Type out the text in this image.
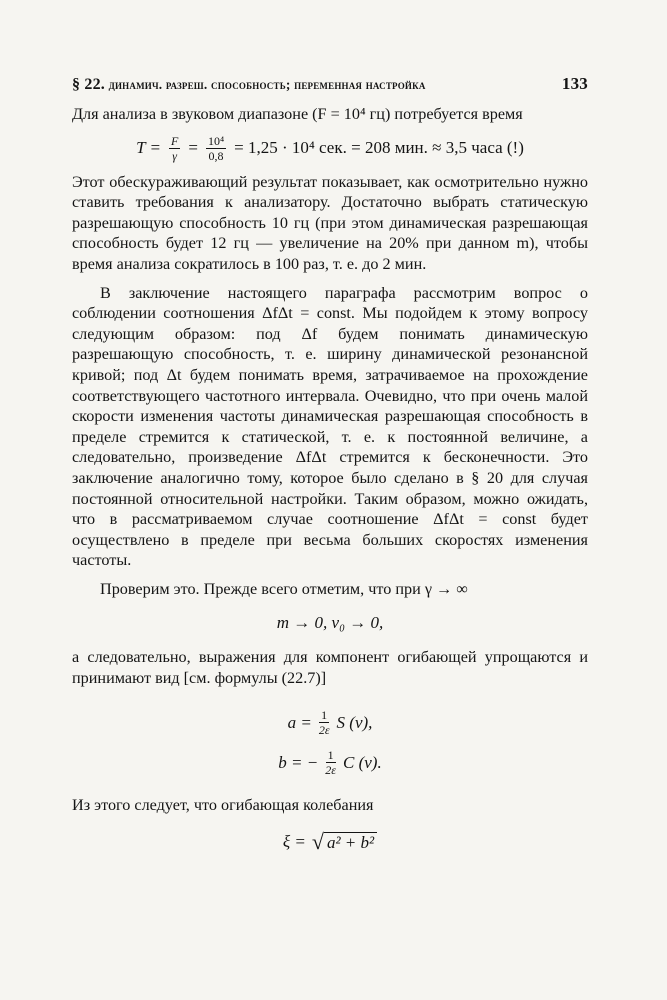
§ 22. динамич. разреш. способность; переменная настройка	133

Для анализа в звуковом диапазоне (F = 10⁴ гц) потребуется время

$T = \frac{F}{\gamma} = \frac{\text{10⁴}}{0,8} = 1,25 \cdot 10^4$ сек. = 208 мин. ≈ 3,5 часа (!)

Этот обескураживающий результат показывает, как осмотрительно нужно ставить требования к анализатору. Достаточно выбрать статическую разрешающую способность 10 гц (при этом динамическая разрешающая способность будет 12 гц — увеличение на 20% при данном m), чтобы время анализа сократилось в 100 раз, т. е. до 2 мин.

В заключение настоящего параграфа рассмотрим вопрос о соблюдении соотношения ΔfΔt = const. Мы подойдем к этому вопросу следующим образом: под Δf будем понимать динамическую разрешающую способность, т. е. ширину динамической резонансной кривой; под Δt будем понимать время, затрачиваемое на прохождение соответствующего частотного интервала. Очевидно, что при очень малой скорости изменения частоты динамическая разрешающая способность в пределе стремится к статической, т. е. к постоянной величине, а следовательно, произведение ΔfΔt стремится к бесконечности. Это заключение аналогично тому, которое было сделано в § 20 для случая постоянной относительной настройки. Таким образом, можно ожидать, что в рассматриваемом случае соотношение ΔfΔt = const будет осуществлено в пределе при весьма больших скоростях изменения частоты.

Проверим это. Прежде всего отметим, что при γ → ∞

m → 0, v₀ → 0,

а следовательно, выражения для компонент огибающей упрощаются и принимают вид [см. формулы (22.7)]

$a = \frac{1}{2\varepsilon}$ S (v),
b = − $\frac{1}{2\varepsilon}$ C (v).

Из этого следует, что огибающая колебания

ξ = √ a² + b²
